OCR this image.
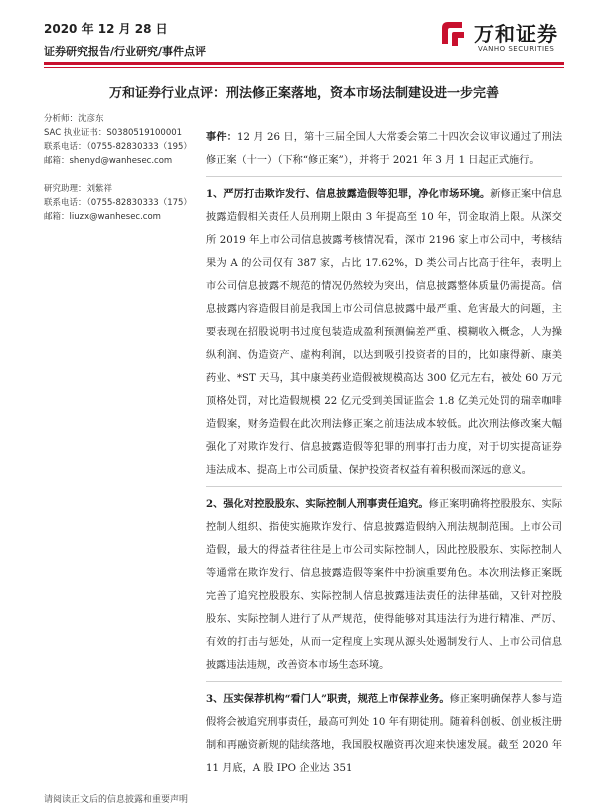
2020 年 12 月 28 日
证券研究报告/行业研究/事件点评
万和证券
VANHO SECURITIES
万和证券行业点评：刑法修正案落地，资本市场法制建设进一步完善
分析师：沈彦东
SAC 执业证书：S0380519100001
联系电话：（0755-82830333（195）
邮箱：shenyd@wanhesec.com
研究助理：刘紫祥
联系电话：（0755-82830333（175）
邮箱：liuzx@wanhesec.com

事件：12 月 26 日，第十三届全国人大常委会第二十四次会议审议通过了刑法修正案（十一）（下称“修正案”），并将于 2021 年 3 月 1 日起正式施行。

1、严厉打击欺诈发行、信息披露造假等犯罪，净化市场环境。新修正案中信息披露造假相关责任人员刑期上限由 3 年提高至 10 年，罚金取消上限。从深交所 2019 年上市公司信息披露考核情况看，深市 2196 家上市公司中，考核结果为 A 的公司仅有 387 家，占比 17.62%，D 类公司占比高于往年，表明上市公司信息披露不规范的情况仍然较为突出，信息披露整体质量仍需提高。信息披露内容造假目前是我国上市公司信息披露中最严重、危害最大的问题，主要表现在招股说明书过度包装造成盈利预测偏差严重、模糊收入概念，人为操纵利润、伪造资产、虚构利润，以达到吸引投资者的目的，比如康得新、康美药业、*ST 天马，其中康美药业造假被规模高达 300 亿元左右，被处 60 万元顶格处罚，对比造假规模 22 亿元受到美国证监会 1.8 亿美元处罚的瑞幸咖啡造假案，财务造假在此次刑法修正案之前违法成本较低。此次刑法修改案大幅强化了对欺诈发行、信息披露造假等犯罪的刑事打击力度，对于切实提高证券违法成本、提高上市公司质量、保护投资者权益有着积极而深远的意义。

2、强化对控股股东、实际控制人刑事责任追究。修正案明确将控股股东、实际控制人组织、指使实施欺诈发行、信息披露造假纳入刑法规制范围。上市公司造假，最大的得益者往往是上市公司实际控制人，因此控股股东、实际控制人等通常在欺诈发行、信息披露造假等案件中扮演重要角色。本次刑法修正案既完善了追究控股股东、实际控制人信息披露违法责任的法律基础，又针对控股股东、实际控制人进行了从严规范，使得能够对其违法行为进行精准、严厉、有效的打击与惩处，从而一定程度上实现从源头处遏制发行人、上市公司信息披露违法违规，改善资本市场生态环境。

3、压实保荐机构“看门人”职责，规范上市保荐业务。修正案明确保荐人参与造假将会被追究刑事责任，最高可判处 10 年有期徒刑。随着科创板、创业板注册制和再融资新规的陆续落地，我国股权融资再次迎来快速发展。截至 2020 年 11 月底，A 股 IPO 企业达 351

请阅读正文后的信息披露和重要声明
